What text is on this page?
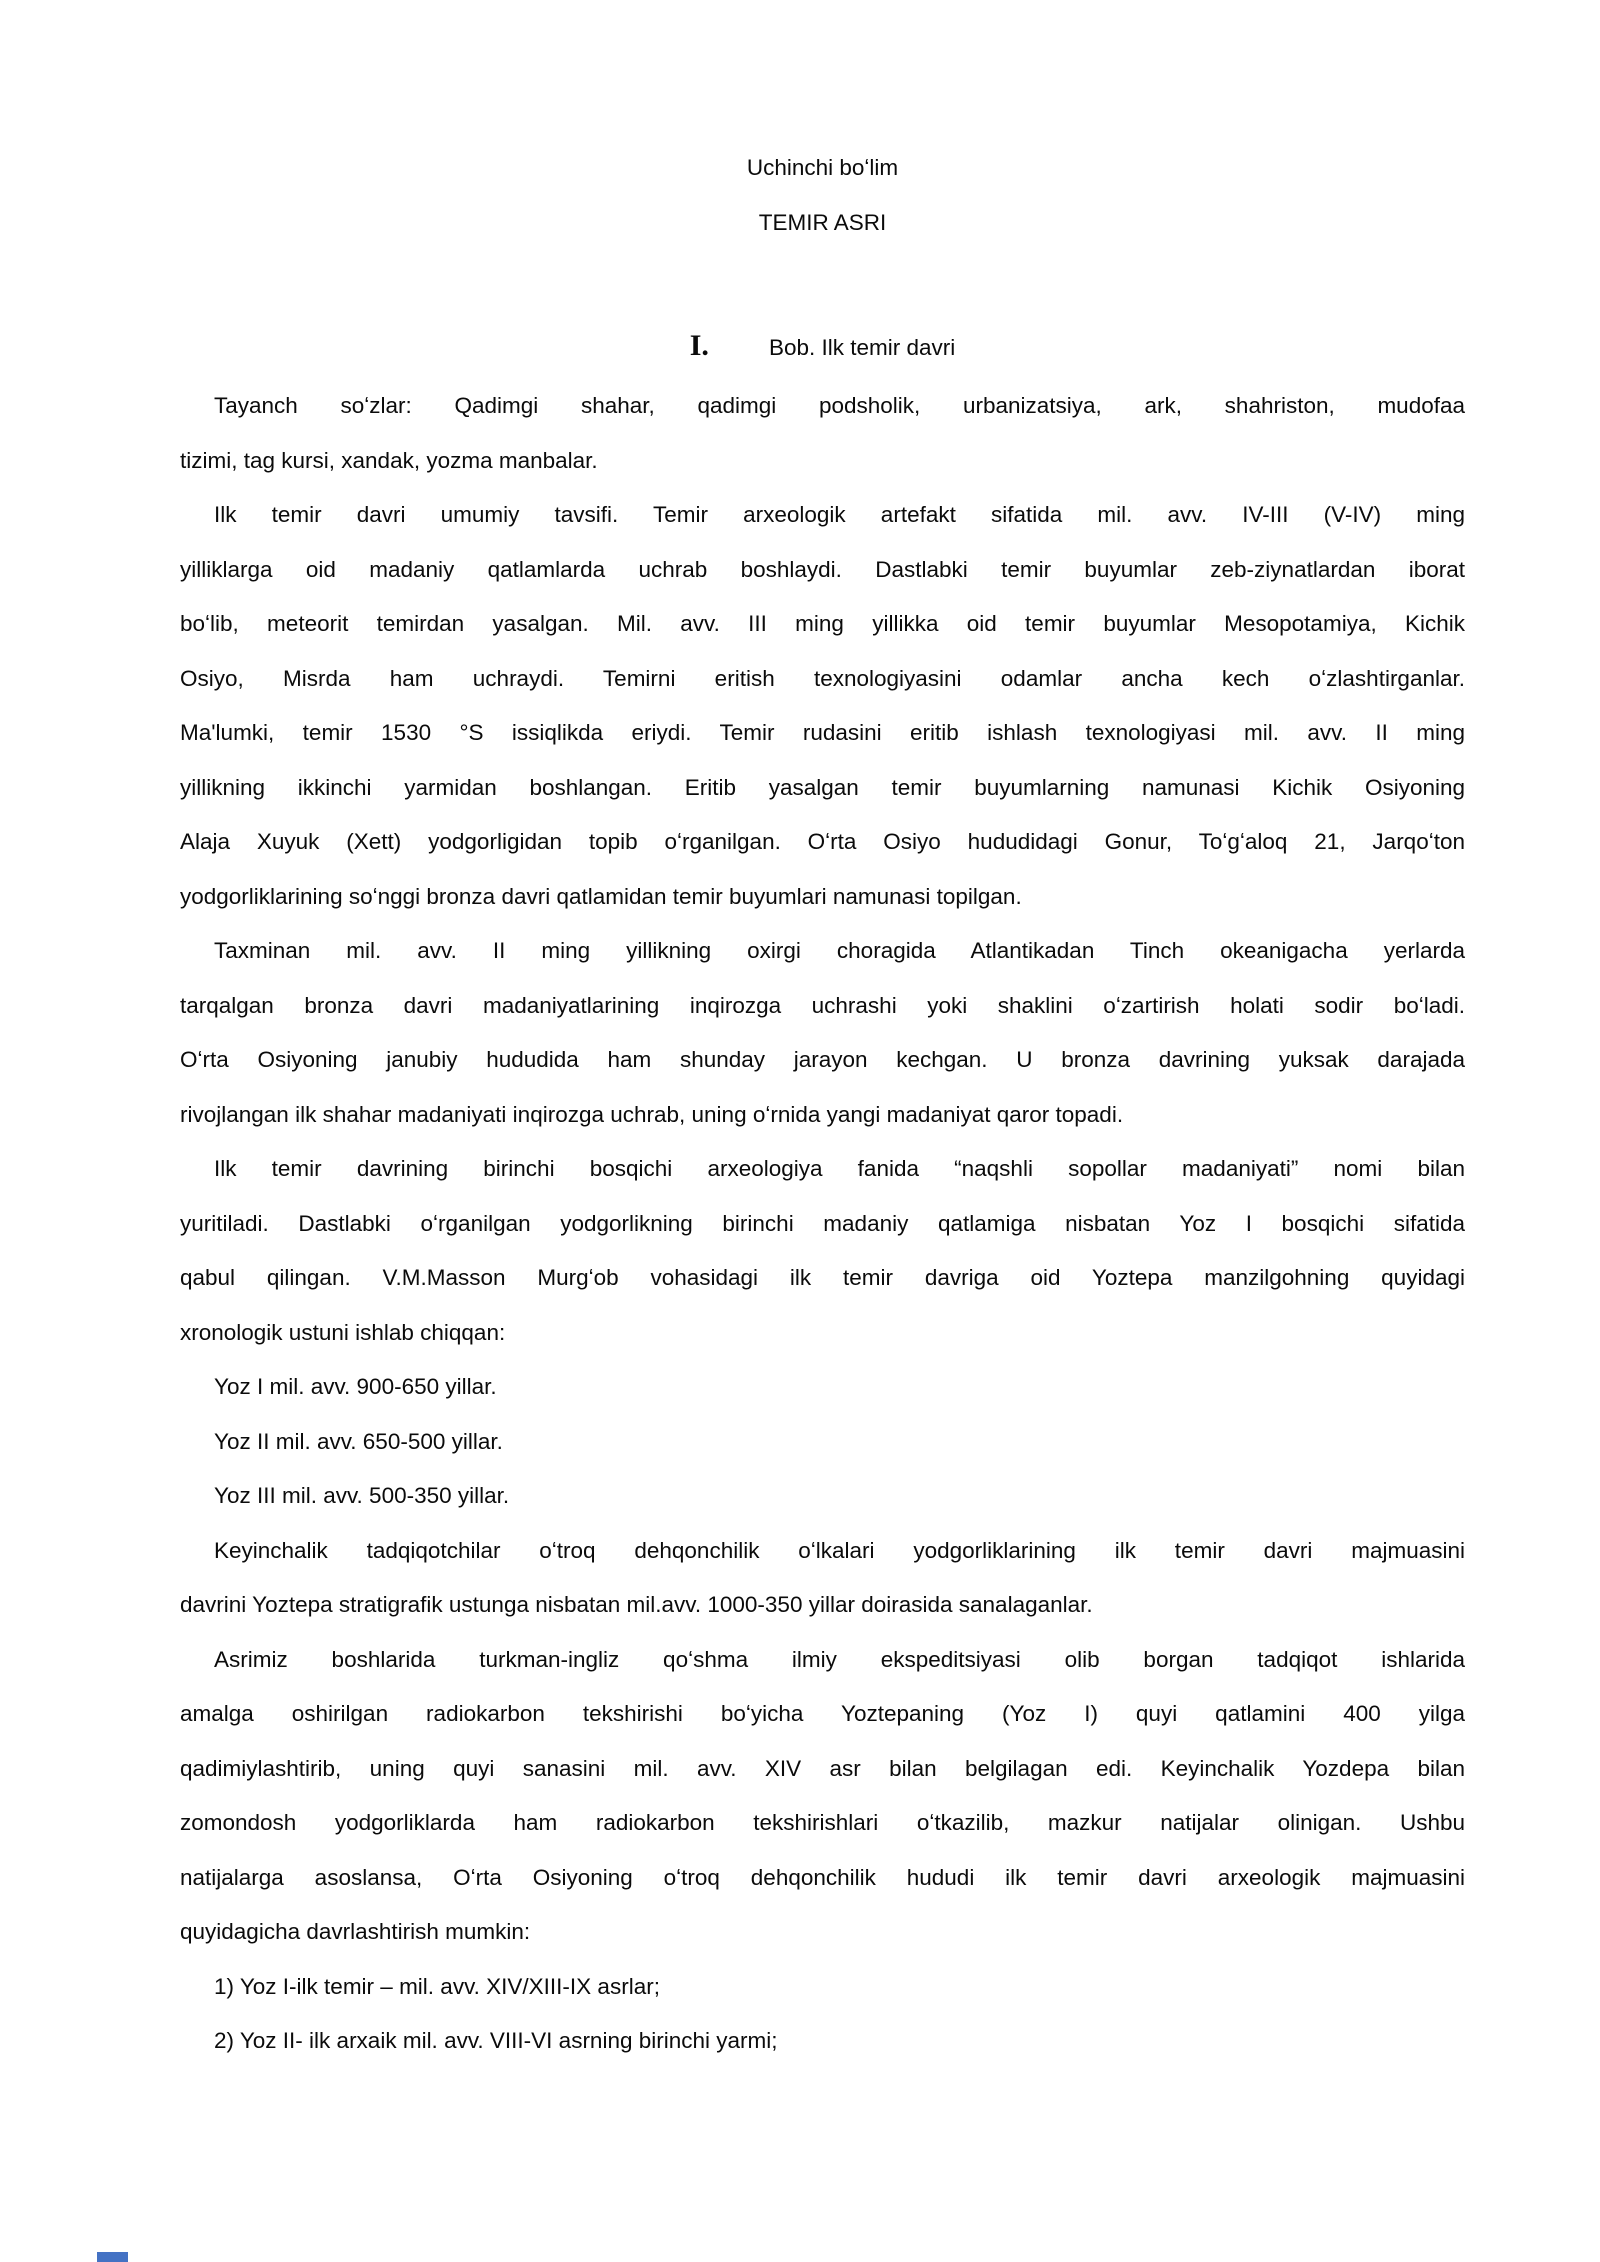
Uchinchi boʻlim
TEMIR ASRI
I.	Bob. Ilk temir davri
Tayanch soʻzlar: Qadimgi shahar, qadimgi podsholik, urbanizatsiya, ark, shahriston, mudofaa
tizimi, tag kursi, xandak, yozma manbalar.
Ilk temir davri umumiy tavsifi. Temir arxeologik artefakt sifatida mil. avv. IV-III (V-IV) ming
yilliklarga oid madaniy qatlamlarda uchrab boshlaydi. Dastlabki temir buyumlar zeb-ziynatlardan iborat
boʻlib, meteorit temirdan yasalgan. Mil. avv. III ming yillikka oid temir buyumlar Mesopotamiya, Kichik
Osiyo, Misrda ham uchraydi. Temirni eritish texnologiyasini odamlar ancha kech oʻzlashtirganlar.
Ma'lumki, temir 1530 °S issiqlikda eriydi. Temir rudasini eritib ishlash texnologiyasi mil. avv. II ming
yillikning ikkinchi yarmidan boshlangan. Eritib yasalgan temir buyumlarning namunasi Kichik Osiyoning
Alaja Xuyuk (Xett) yodgorligidan topib oʻrganilgan. Oʻrta Osiyo hududidagi Gonur, Toʻgʻaloq 21, Jarqoʻton
yodgorliklarining soʻnggi bronza davri qatlamidan temir buyumlari namunasi topilgan.
Taxminan mil. avv. II ming yillikning oxirgi choragida Atlantikadan Tinch okeanigacha yerlarda
tarqalgan bronza davri madaniyatlarining inqirozga uchrashi yoki shaklini oʻzartirish holati sodir boʻladi.
Oʻrta Osiyoning janubiy hududida ham shunday jarayon kechgan. U bronza davrining yuksak darajada
rivojlangan ilk shahar madaniyati inqirozga uchrab, uning oʻrnida yangi madaniyat qaror topadi.
Ilk temir davrining birinchi bosqichi arxeologiya fanida “naqshli sopollar madaniyati” nomi bilan
yuritiladi. Dastlabki oʻrganilgan yodgorlikning birinchi madaniy qatlamiga nisbatan Yoz I bosqichi sifatida
qabul qilingan. V.M.Masson Murgʻob vohasidagi ilk temir davriga oid Yoztepa manzilgohning quyidagi
xronologik ustuni ishlab chiqqan:
Yoz I mil. avv. 900-650 yillar.
Yoz II mil. avv. 650-500 yillar.
Yoz III mil. avv. 500-350 yillar.
Keyinchalik tadqiqotchilar oʻtroq dehqonchilik oʻlkalari yodgorliklarining ilk temir davri majmuasini
davrini Yoztepa stratigrafik ustunga nisbatan mil.avv. 1000-350 yillar doirasida sanalaganlar.
Asrimiz boshlarida turkman-ingliz qoʻshma ilmiy ekspeditsiyasi olib borgan tadqiqot ishlarida
amalga oshirilgan radiokarbon tekshirishi boʻyicha Yoztepaning (Yoz I) quyi qatlamini 400 yilga
qadimiylashtirib, uning quyi sanasini mil. avv. XIV asr bilan belgilagan edi. Keyinchalik Yozdepa bilan
zomondosh yodgorliklarda ham radiokarbon tekshirishlari oʻtkazilib, mazkur natijalar olinigan. Ushbu
natijalarga asoslansa, Oʻrta Osiyoning oʻtroq dehqonchilik hududi ilk temir davri arxeologik majmuasini
quyidagicha davrlashtirish mumkin:
1) Yoz I-ilk temir – mil. avv. XIV/XIII-IX asrlar;
2) Yoz II- ilk arxaik mil. avv. VIII-VI asrning birinchi yarmi;
